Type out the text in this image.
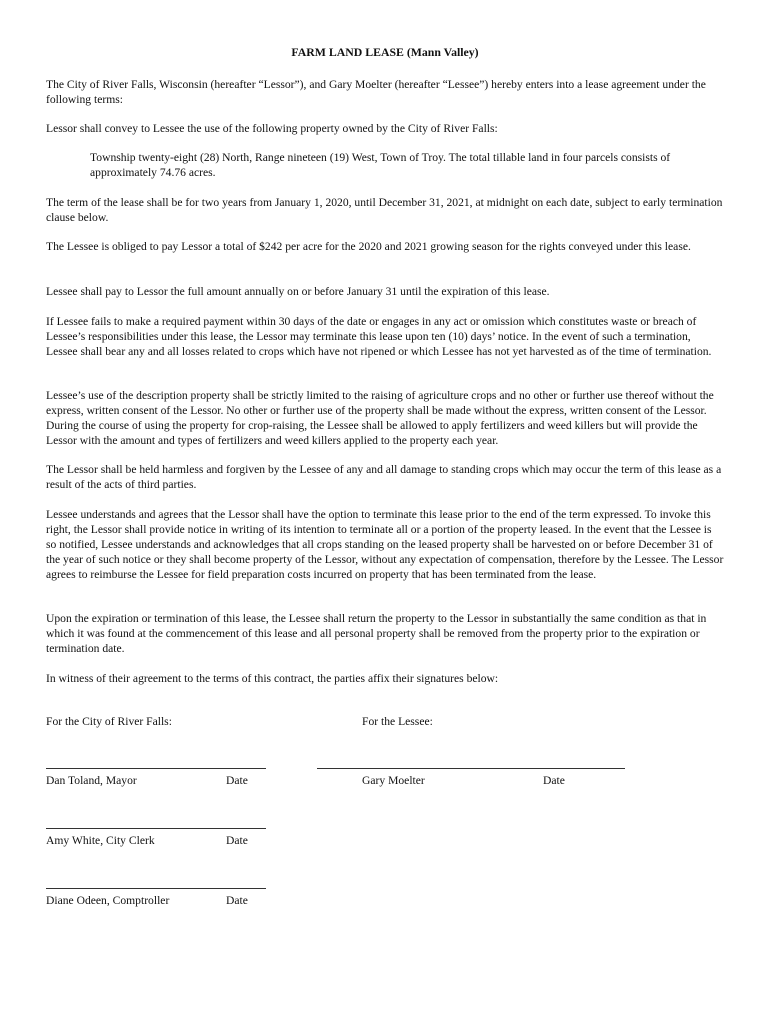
FARM LAND LEASE (Mann Valley)

The City of River Falls, Wisconsin (hereafter “Lessor”), and Gary Moelter (hereafter “Lessee”) hereby enters into a lease agreement under the following terms:

Lessor shall convey to Lessee the use of the following property owned by the City of River Falls:

Township twenty-eight (28) North, Range nineteen (19) West, Town of Troy. The total tillable land in four parcels consists of approximately 74.76 acres.

The term of the lease shall be for two years from January 1, 2020, until December 31, 2021, at midnight on each date, subject to early termination clause below.

The Lessee is obliged to pay Lessor a total of $242 per acre for the 2020 and 2021 growing season for the rights conveyed under this lease.

Lessee shall pay to Lessor the full amount annually on or before January 31 until the expiration of this lease.

If Lessee fails to make a required payment within 30 days of the date or engages in any act or omission which constitutes waste or breach of Lessee’s responsibilities under this lease, the Lessor may terminate this lease upon ten (10) days’ notice. In the event of such a termination, Lessee shall bear any and all losses related to crops which have not ripened or which Lessee has not yet harvested as of the time of termination.

Lessee’s use of the description property shall be strictly limited to the raising of agriculture crops and no other or further use thereof without the express, written consent of the Lessor. No other or further use of the property shall be made without the express, written consent of the Lessor. During the course of using the property for crop-raising, the Lessee shall be allowed to apply fertilizers and weed killers but will provide the Lessor with the amount and types of fertilizers and weed killers applied to the property each year.

The Lessor shall be held harmless and forgiven by the Lessee of any and all damage to standing crops which may occur the term of this lease as a result of the acts of third parties.

Lessee understands and agrees that the Lessor shall have the option to terminate this lease prior to the end of the term expressed. To invoke this right, the Lessor shall provide notice in writing of its intention to terminate all or a portion of the property leased. In the event that the Lessee is so notified, Lessee understands and acknowledges that all crops standing on the leased property shall be harvested on or before December 31 of the year of such notice or they shall become property of the Lessor, without any expectation of compensation, therefore by the Lessee. The Lessor agrees to reimburse the Lessee for field preparation costs incurred on property that has been terminated from the lease.

Upon the expiration or termination of this lease, the Lessee shall return the property to the Lessor in substantially the same condition as that in which it was found at the commencement of this lease and all personal property shall be removed from the property prior to the expiration or termination date.

In witness of their agreement to the terms of this contract, the parties affix their signatures below:

For the City of River Falls:	For the Lessee:
Dan Toland, Mayor	Date	Gary Moelter	Date
Amy White, City Clerk	Date
Diane Odeen, Comptroller	Date
